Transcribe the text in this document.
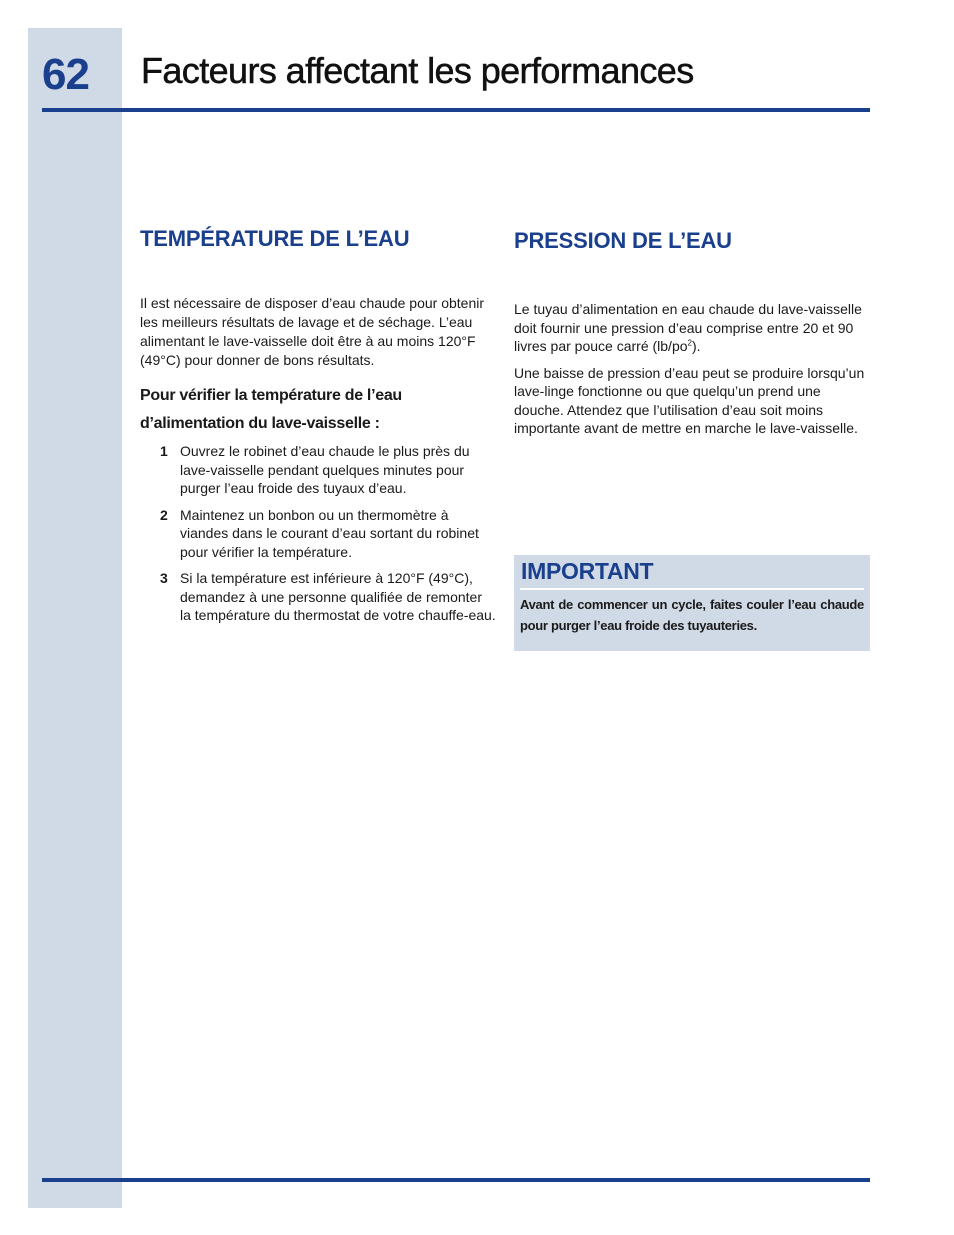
62 Facteurs affectant les performances
TEMPÉRATURE DE L’EAU

Il est nécessaire de disposer d’eau chaude pour obtenir les meilleurs résultats de lavage et de séchage. L’eau alimentant le lave-vaisselle doit être à au moins 120°F (49°C) pour donner de bons résultats.

Pour vérifier la température de l’eau d’alimentation du lave-vaisselle :

1 Ouvrez le robinet d’eau chaude le plus près du lave-vaisselle pendant quelques minutes pour purger l’eau froide des tuyaux d’eau.
2 Maintenez un bonbon ou un thermomètre à viandes dans le courant d’eau sortant du robinet pour vérifier la température.
3 Si la température est inférieure à 120°F (49°C), demandez à une personne qualifiée de remonter la température du thermostat de votre chauffe-eau.
PRESSION DE L’EAU

Le tuyau d’alimentation en eau chaude du lave-vaisselle doit fournir une pression d’eau comprise entre 20 et 90 livres par pouce carré $(lb/po^2)$.

Une baisse de pression d’eau peut se produire lorsqu’un lave-linge fonctionne ou que quelqu’un prend une douche. Attendez que l’utilisation d’eau soit moins importante avant de mettre en marche le lave-vaisselle.

IMPORTANT

Avant de commencer un cycle, faites couler l’eau chaude pour purger l’eau froide des tuyauteries.
